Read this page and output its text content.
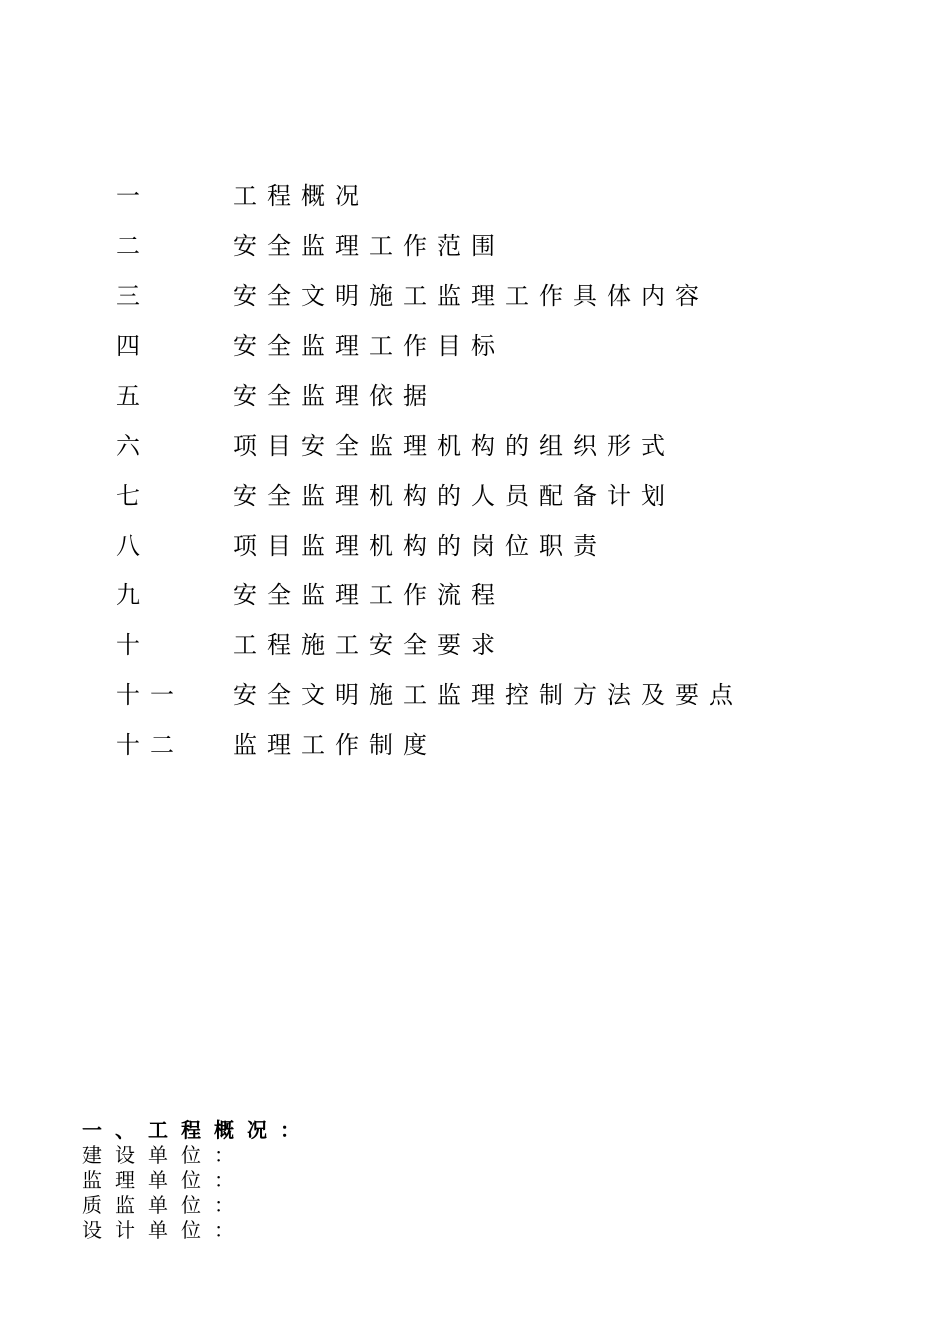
一	工程概况
二	安全监理工作范围
三	安全文明施工监理工作具体内容
四	安全监理工作目标
五	安全监理依据
六	项目安全监理机构的组织形式
七	安全监理机构的人员配备计划
八	项目监理机构的岗位职责
九	安全监理工作流程
十	工程施工安全要求
十一 安全文明施工监理控制方法及要点
十二 监理工作制度
一、工程概况：
建设单位：
监理单位：
质监单位：
设计单位：
